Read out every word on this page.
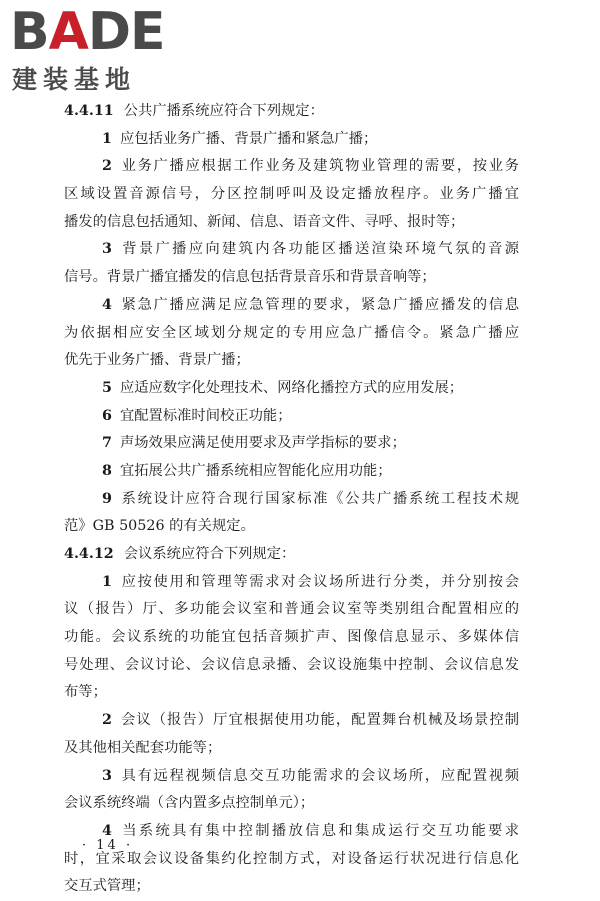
BADE
建装基地
4.4.11 公共广播系统应符合下列规定：
1 应包括业务广播、背景广播和紧急广播；
2 业务广播应根据工作业务及建筑物业管理的需要，按业务
区域设置音源信号，分区控制呼叫及设定播放程序。业务广播宜
播发的信息包括通知、新闻、信息、语音文件、寻呼、报时等；
3 背景广播应向建筑内各功能区播送渲染环境气氛的音源
信号。背景广播宜播发的信息包括背景音乐和背景音响等；
4 紧急广播应满足应急管理的要求，紧急广播应播发的信息
为依据相应安全区域划分规定的专用应急广播信令。紧急广播应
优先于业务广播、背景广播；
5 应适应数字化处理技术、网络化播控方式的应用发展；
6 宜配置标准时间校正功能；
7 声场效果应满足使用要求及声学指标的要求；
8 宜拓展公共广播系统相应智能化应用功能；
9 系统设计应符合现行国家标准《公共广播系统工程技术规
范》GB 50526 的有关规定。
4.4.12 会议系统应符合下列规定：
1 应按使用和管理等需求对会议场所进行分类，并分别按会
议（报告）厅、多功能会议室和普通会议室等类别组合配置相应的
功能。会议系统的功能宜包括音频扩声、图像信息显示、多媒体信
号处理、会议讨论、会议信息录播、会议设施集中控制、会议信息发
布等；
2 会议（报告）厅宜根据使用功能，配置舞台机械及场景控制
及其他相关配套功能等；
3 具有远程视频信息交互功能需求的会议场所，应配置视频
会议系统终端（含内置多点控制单元）；
4 当系统具有集中控制播放信息和集成运行交互功能要求
时，宜采取会议设备集约化控制方式，对设备运行状况进行信息化
交互式管理；
· 14 ·
